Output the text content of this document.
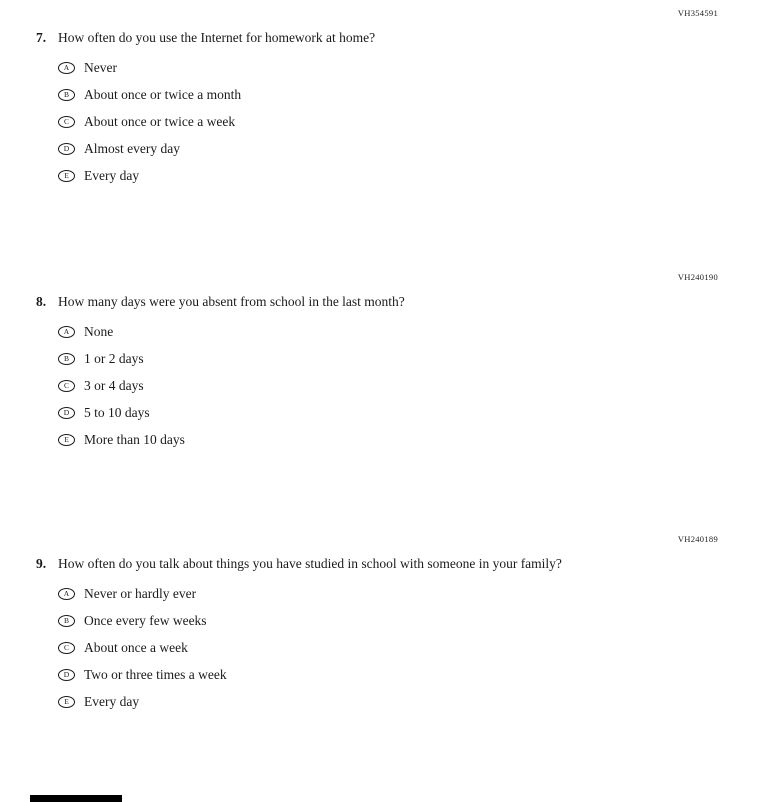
VH354591
7. How often do you use the Internet for homework at home?
A	Never
B	About once or twice a month
C	About once or twice a week
D	Almost every day
E	Every day
VH240190
8. How many days were you absent from school in the last month?
A	None
B	1 or 2 days
C	3 or 4 days
D	5 to 10 days
E	More than 10 days
VH240189
9. How often do you talk about things you have studied in school with someone in your family?
A	Never or hardly ever
B	Once every few weeks
C	About once a week
D	Two or three times a week
E	Every day
